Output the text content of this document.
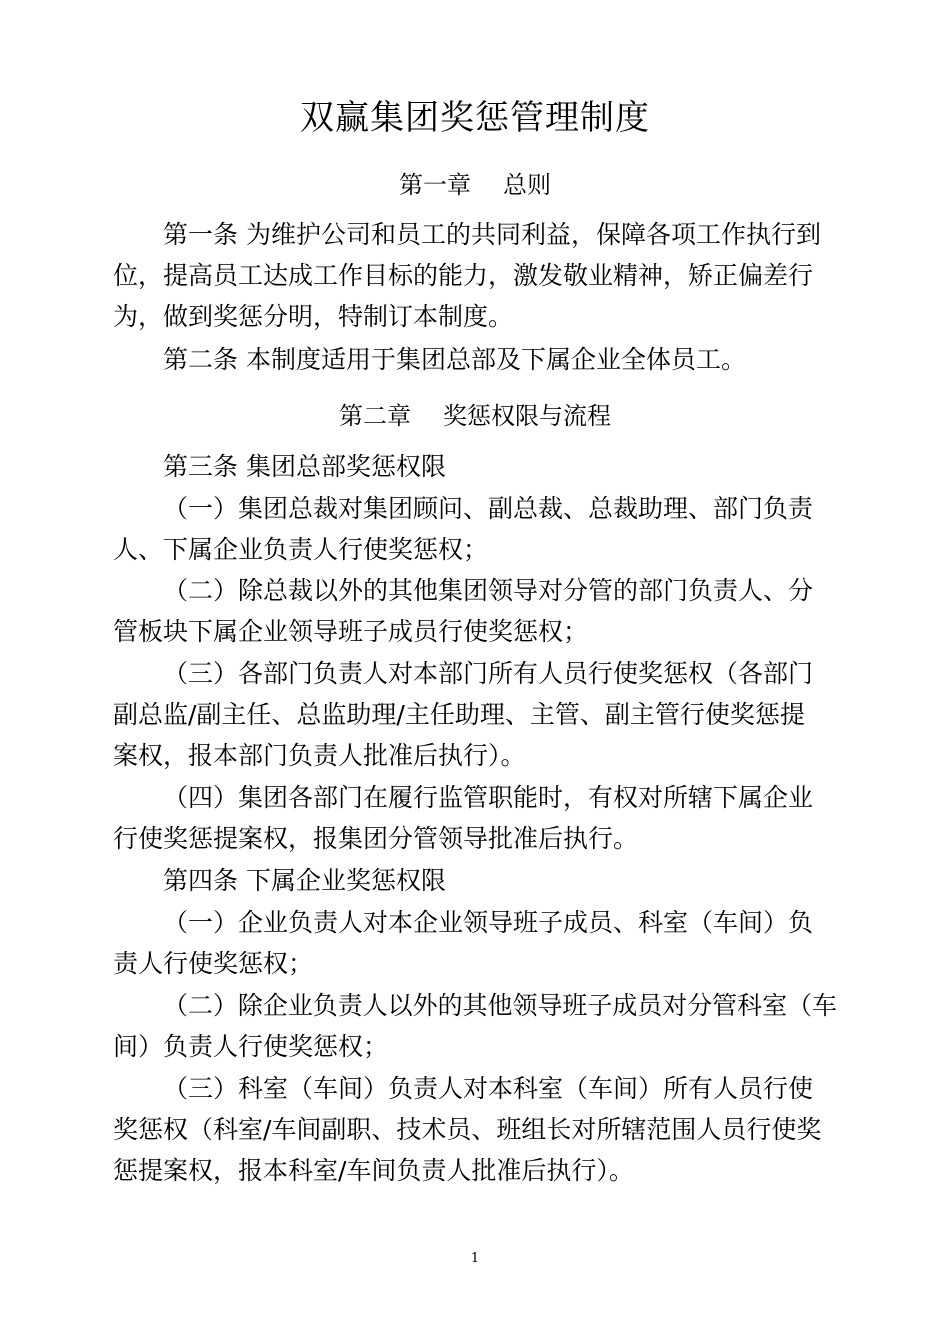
双赢集团奖惩管理制度
第一章 总则
第一条 为维护公司和员工的共同利益，保障各项工作执行到
位，提高员工达成工作目标的能力，激发敬业精神，矫正偏差行
为，做到奖惩分明，特制订本制度。
第二条 本制度适用于集团总部及下属企业全体员工。
第二章 奖惩权限与流程
第三条 集团总部奖惩权限
（一）集团总裁对集团顾问、副总裁、总裁助理、部门负责
人、下属企业负责人行使奖惩权；
（二）除总裁以外的其他集团领导对分管的部门负责人、分
管板块下属企业领导班子成员行使奖惩权；
（三）各部门负责人对本部门所有人员行使奖惩权（各部门
副总监/副主任、总监助理/主任助理、主管、副主管行使奖惩提
案权，报本部门负责人批准后执行）。
（四）集团各部门在履行监管职能时，有权对所辖下属企业
行使奖惩提案权，报集团分管领导批准后执行。
第四条 下属企业奖惩权限
（一）企业负责人对本企业领导班子成员、科室（车间）负
责人行使奖惩权；
（二）除企业负责人以外的其他领导班子成员对分管科室（车
间）负责人行使奖惩权；
（三）科室（车间）负责人对本科室（车间）所有人员行使
奖惩权（科室/车间副职、技术员、班组长对所辖范围人员行使奖
惩提案权，报本科室/车间负责人批准后执行）。
1
